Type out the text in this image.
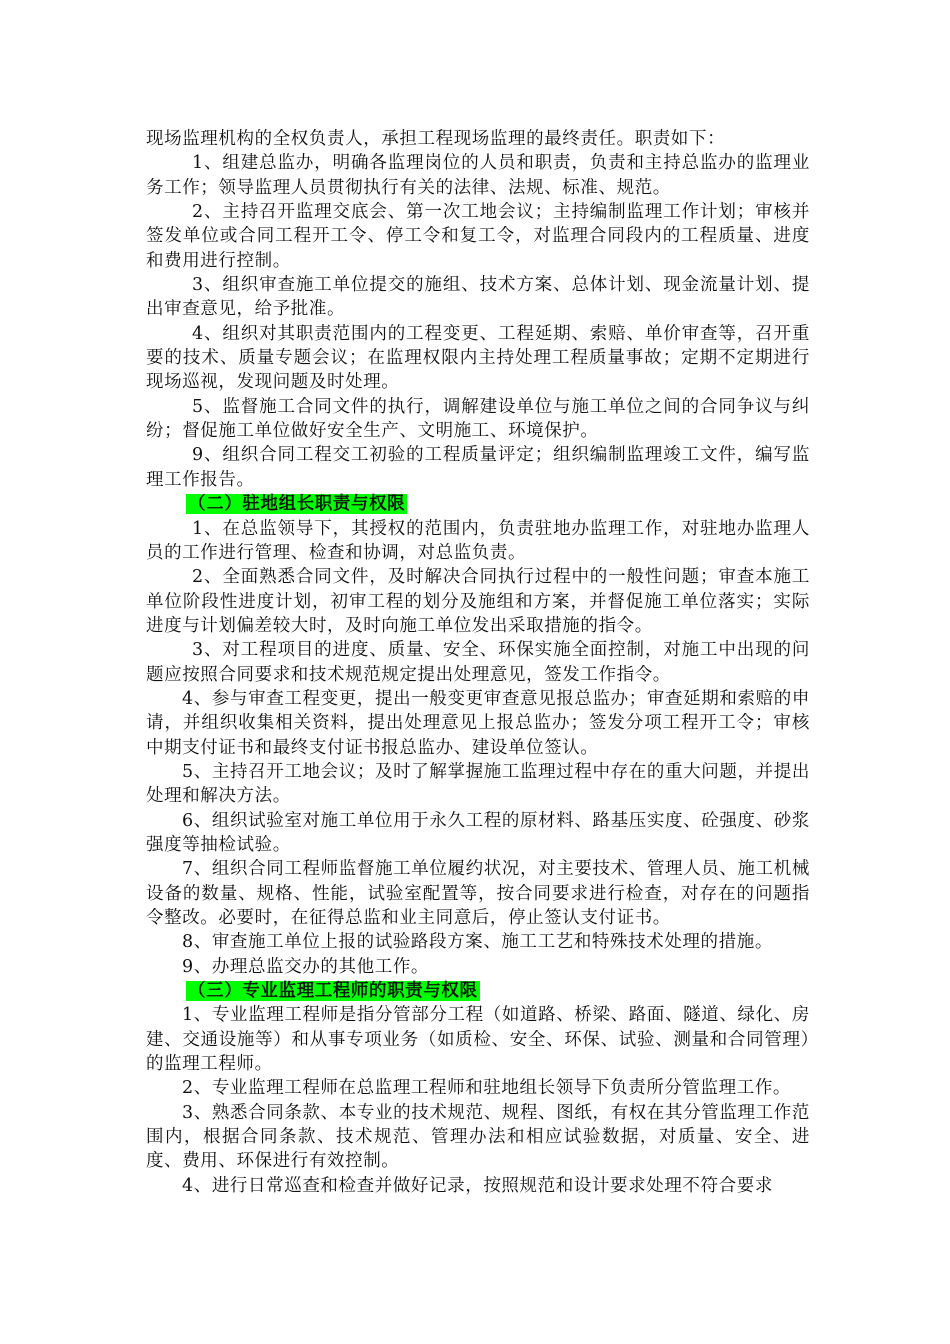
现场监理机构的全权负责人，承担工程现场监理的最终责任。职责如下：

1、组建总监办，明确各监理岗位的人员和职责，负责和主持总监办的监理业务工作；领导监理人员贯彻执行有关的法律、法规、标准、规范。

2、主持召开监理交底会、第一次工地会议；主持编制监理工作计划；审核并签发单位或合同工程开工令、停工令和复工令，对监理合同段内的工程质量、进度和费用进行控制。

3、组织审查施工单位提交的施组、技术方案、总体计划、现金流量计划、提出审查意见，给予批准。

4、组织对其职责范围内的工程变更、工程延期、索赔、单价审查等，召开重要的技术、质量专题会议；在监理权限内主持处理工程质量事故；定期不定期进行现场巡视，发现问题及时处理。

5、监督施工合同文件的执行，调解建设单位与施工单位之间的合同争议与纠纷；督促施工单位做好安全生产、文明施工、环境保护。

9、组织合同工程交工初验的工程质量评定；组织编制监理竣工文件，编写监理工作报告。

（二）驻地组长职责与权限

1、在总监领导下，其授权的范围内，负责驻地办监理工作，对驻地办监理人员的工作进行管理、检查和协调，对总监负责。

2、全面熟悉合同文件，及时解决合同执行过程中的一般性问题；审查本施工单位阶段性进度计划，初审工程的划分及施组和方案，并督促施工单位落实；实际进度与计划偏差较大时，及时向施工单位发出采取措施的指令。

3、对工程项目的进度、质量、安全、环保实施全面控制，对施工中出现的问题应按照合同要求和技术规范规定提出处理意见，签发工作指令。

4、参与审查工程变更，提出一般变更审查意见报总监办；审查延期和索赔的申请，并组织收集相关资料，提出处理意见上报总监办；签发分项工程开工令；审核中期支付证书和最终支付证书报总监办、建设单位签认。

5、主持召开工地会议；及时了解掌握施工监理过程中存在的重大问题，并提出处理和解决方法。

6、组织试验室对施工单位用于永久工程的原材料、路基压实度、砼强度、砂浆强度等抽检试验。

7、组织合同工程师监督施工单位履约状况，对主要技术、管理人员、施工机械设备的数量、规格、性能，试验室配置等，按合同要求进行检查，对存在的问题指令整改。必要时，在征得总监和业主同意后，停止签认支付证书。

8、审查施工单位上报的试验路段方案、施工工艺和特殊技术处理的措施。

9、办理总监交办的其他工作。

（三）专业监理工程师的职责与权限

1、专业监理工程师是指分管部分工程（如道路、桥梁、路面、隧道、绿化、房建、交通设施等）和从事专项业务（如质检、安全、环保、试验、测量和合同管理）的监理工程师。

2、专业监理工程师在总监理工程师和驻地组长领导下负责所分管监理工作。

3、熟悉合同条款、本专业的技术规范、规程、图纸，有权在其分管监理工作范围内，根据合同条款、技术规范、管理办法和相应试验数据，对质量、安全、进度、费用、环保进行有效控制。

4、进行日常巡查和检查并做好记录，按照规范和设计要求处理不符合要求
